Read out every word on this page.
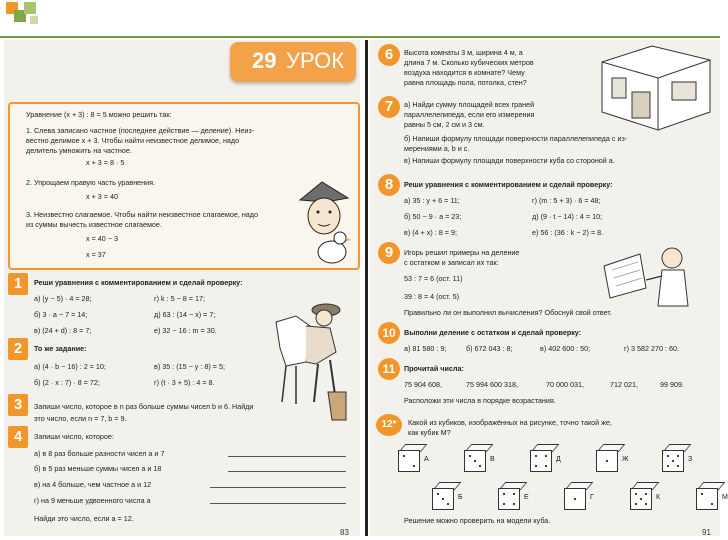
29 УРОК
Уравнение (x + 3) : 8 = 5 можно решить так:
1. Слева записано частное (последнее действие — деление). Неиз-
вестно делимое x + 3. Чтобы найти неизвестное делимое, надо
делитель умножить на частное.
x + 3 = 8 · 5
2. Упрощаем правую часть уравнения.
x + 3 = 40
3. Неизвестно слагаемое. Чтобы найти неизвестное слагаемое, надо
из суммы вычесть известное слагаемое.
x = 40 − 3
x = 37
1	Реши уравнения с комментированием и сделай проверку:
а) (y − 5) · 4 = 28;	г) k : 5 − 8 = 17;
б) 3 · a − 7 = 14;	д) 63 : (14 − x) = 7;
в) (24 + d) : 8 = 7;	е) 32 − 16 : m = 30.
2	То же задание:
а) (4 · b − 16) : 2 = 10;	в) 35 : (15 − y : 8) = 5;
б) (2 · x : 7) · 8 = 72;	г) (t · 3 + 5) : 4 = 8.
3	Запиши число, которое в n раз больше суммы чисел b и 6. Найди
это число, если n = 7, b = 9.
4	Запиши число, которое:
а) в 8 раз больше разности чисел a и 7
б) в 5 раз меньше суммы чисел a и 18
в) на 4 больше, чем частное a и 12
г) на 9 меньше удвоенного числа a
Найди это число, если a = 12.
83
6	Высота комнаты 3 м, ширина 4 м, а
длина 7 м. Сколько кубических метров
воздуха находится в комнате? Чему
равна площадь пола, потолка, стен?
7	а) Найди сумму площадей всех граней
параллелепипеда, если его измерения
равны 5 см, 2 см и 3 см.
б) Напиши формулу площади поверхности параллелепипеда с из-
мерениями a, b и c.
в) Напиши формулу площади поверхности куба со стороной a.
8	Реши уравнения с комментированием и сделай проверку:
а) 35 : y + 6 = 11;	г) (m : 5 + 3) · 6 = 48;
б) 50 − 9 · a = 23;	д) (9 · t − 14) : 4 = 10;
в) (4 + x) : 8 = 9;	е) 56 : (36 : k − 2) = 8.
9	Игорь решил примеры на деление
с остатком и записал их так:
53 : 7 = 6 (ост. 11)
39 : 8 = 4 (ост. 5)
Правильно ли он выполнил вычисления? Обоснуй свой ответ.
10	Выполни деление с остатком и сделай проверку:
а) 81 580 : 9;	б) 672 043 : 8;	в) 402 600 : 50;	г) 3 582 270 : 60.
11	Прочитай числа:
75 904 608,	75 994 600 318,	70 000 031,	712 021,	99 909.
Расположи эти числа в порядке возрастания.
12*	Какой из кубиков, изображённых на рисунке, точно такой же,
как кубик M?
А	В	Д	Ж	З
Б	Е	Г	К	М
Решение можно проверить на модели куба.
91
